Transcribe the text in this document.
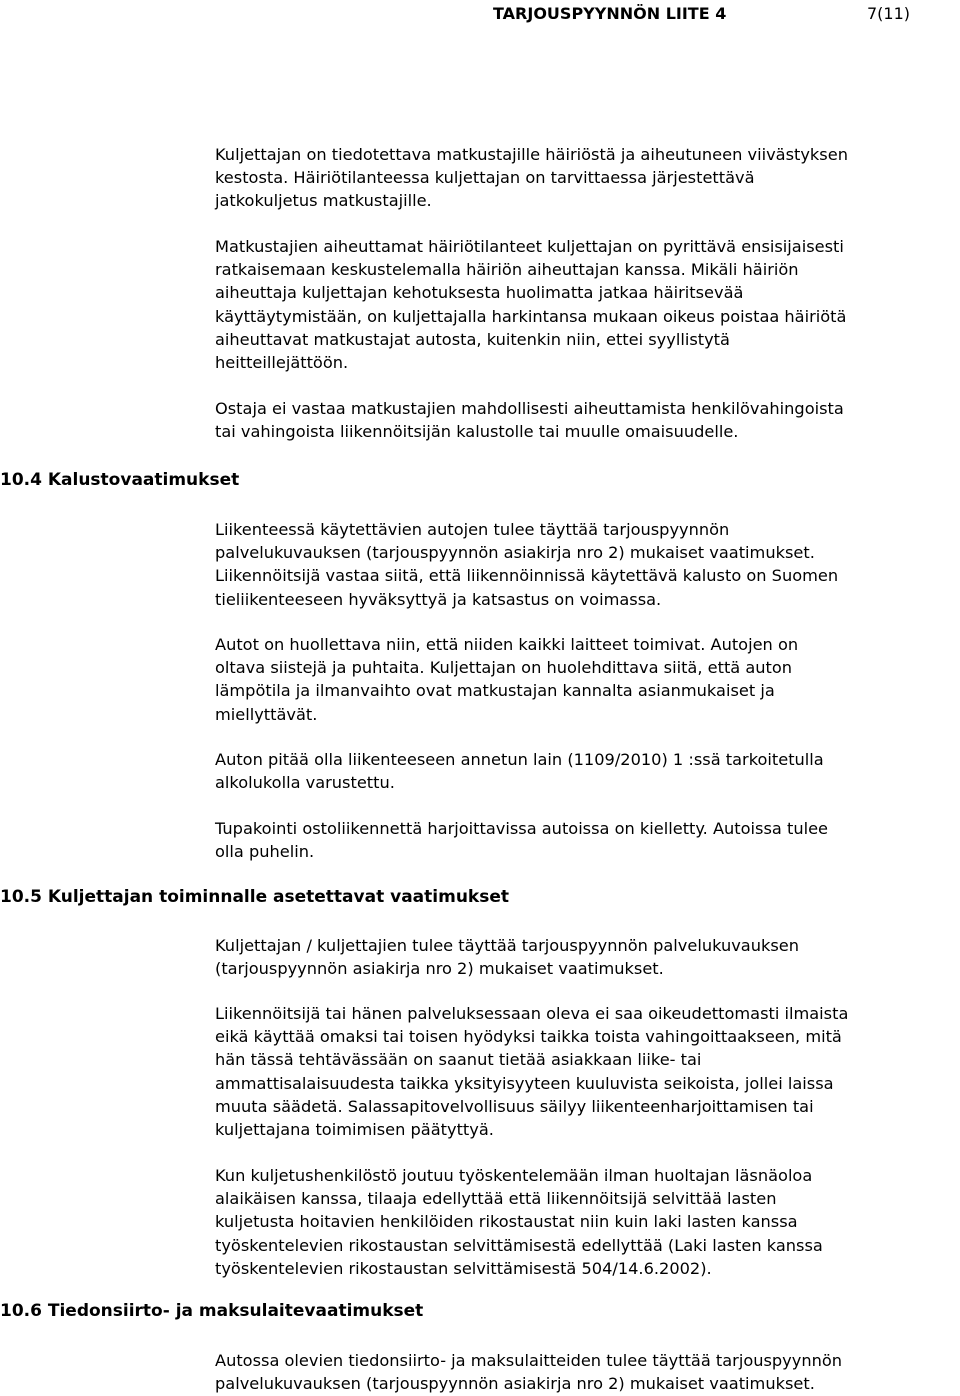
TARJOUSPYYNNÖN LIITE 4	7(11)
Kuljettajan on tiedotettava matkustajille häiriöstä ja aiheutuneen viivästyksen
kestosta. Häiriötilanteessa kuljettajan on tarvittaessa järjestettävä
jatkokuljetus matkustajille.
Matkustajien aiheuttamat häiriötilanteet kuljettajan on pyrittävä ensisijaisesti
ratkaisemaan keskustelemalla häiriön aiheuttajan kanssa. Mikäli häiriön
aiheuttaja kuljettajan kehotuksesta huolimatta jatkaa häiritsevää
käyttäytymistään, on kuljettajalla harkintansa mukaan oikeus poistaa häiriötä
aiheuttavat matkustajat autosta, kuitenkin niin, ettei syyllistytä
heitteillejättöön.
Ostaja ei vastaa matkustajien mahdollisesti aiheuttamista henkilövahingoista
tai vahingoista liikennöitsijän kalustolle tai muulle omaisuudelle.
10.4 Kalustovaatimukset
Liikenteessä käytettävien autojen tulee täyttää tarjouspyynnön
palvelukuvauksen (tarjouspyynnön asiakirja nro 2) mukaiset vaatimukset.
Liikennöitsijä vastaa siitä, että liikennöinnissä käytettävä kalusto on Suomen
tieliikenteeseen hyväksyttyä ja katsastus on voimassa.
Autot on huollettava niin, että niiden kaikki laitteet toimivat. Autojen on
oltava siistejä ja puhtaita. Kuljettajan on huolehdittava siitä, että auton
lämpötila ja ilmanvaihto ovat matkustajan kannalta asianmukaiset ja
miellyttävät.
Auton pitää olla liikenteeseen annetun lain (1109/2010) 1 :ssä tarkoitetulla
alkolukolla varustettu.
Tupakointi ostoliikennettä harjoittavissa autoissa on kielletty. Autoissa tulee
olla puhelin.
10.5 Kuljettajan toiminnalle asetettavat vaatimukset
Kuljettajan / kuljettajien tulee täyttää tarjouspyynnön palvelukuvauksen
(tarjouspyynnön asiakirja nro 2) mukaiset vaatimukset.
Liikennöitsijä tai hänen palveluksessaan oleva ei saa oikeudettomasti ilmaista
eikä käyttää omaksi tai toisen hyödyksi taikka toista vahingoittaakseen, mitä
hän tässä tehtävässään on saanut tietää asiakkaan liike- tai
ammattisalaisuudesta taikka yksityisyyteen kuuluvista seikoista, jollei laissa
muuta säädetä. Salassapitovelvollisuus säilyy liikenteenharjoittamisen tai
kuljettajana toimimisen päätyttyä.
Kun kuljetushenkilöstö joutuu työskentelemään ilman huoltajan läsnäoloa
alaikäisen kanssa, tilaaja edellyttää että liikennöitsijä selvittää lasten
kuljetusta hoitavien henkilöiden rikostaustat niin kuin laki lasten kanssa
työskentelevien rikostaustan selvittämisestä edellyttää (Laki lasten kanssa
työskentelevien rikostaustan selvittämisestä 504/14.6.2002).
10.6 Tiedonsiirto- ja maksulaitevaatimukset
Autossa olevien tiedonsiirto- ja maksulaitteiden tulee täyttää tarjouspyynnön
palvelukuvauksen (tarjouspyynnön asiakirja nro 2) mukaiset vaatimukset.
